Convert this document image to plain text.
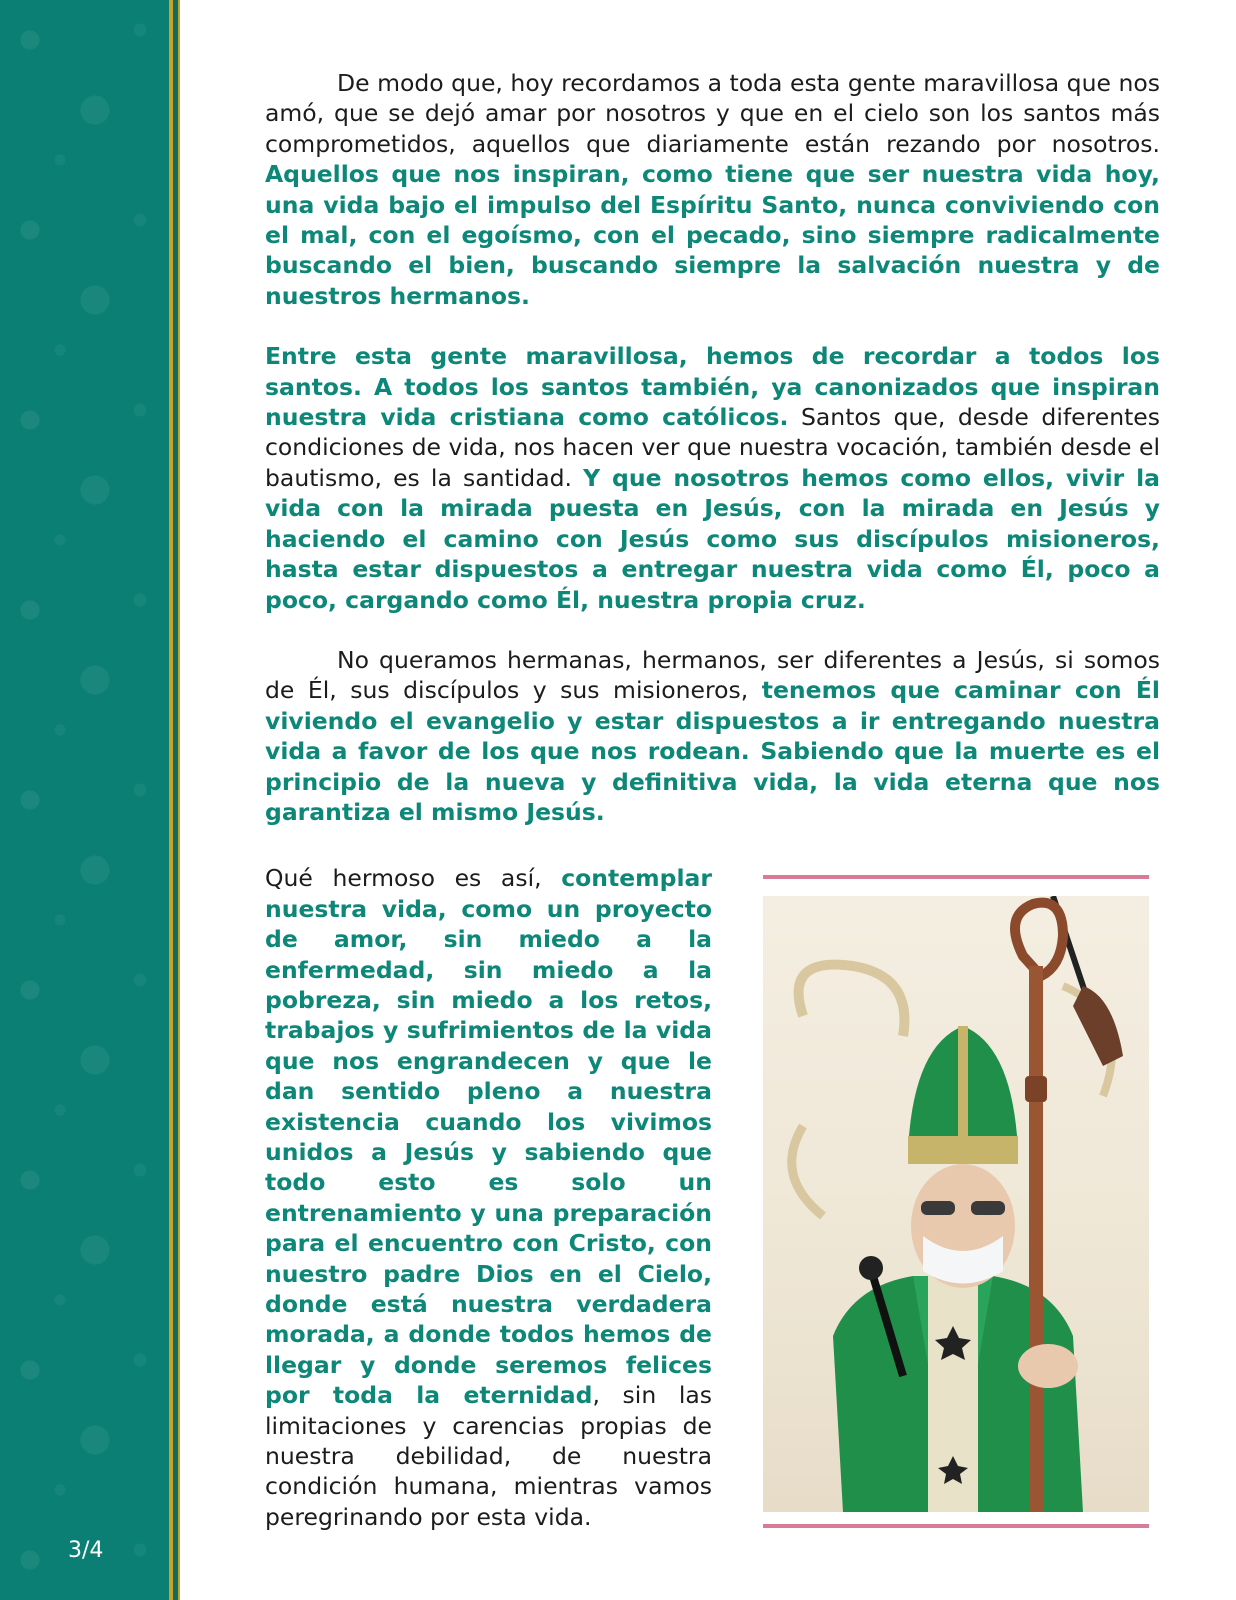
3/4

De modo que, hoy recordamos a toda esta gente maravillosa que nos amó, que se dejó amar por nosotros y que en el cielo son los santos más comprometidos, aquellos que diariamente están rezando por nosotros. Aquellos que nos inspiran, como tiene que ser nuestra vida hoy, una vida bajo el impulso del Espíritu Santo, nunca conviviendo con el mal, con el egoísmo, con el pecado, sino siempre radicalmente buscando el bien, buscando siempre la salvación nuestra y de nuestros hermanos.

Entre esta gente maravillosa, hemos de recordar a todos los santos. A todos los santos también, ya canonizados que inspiran nuestra vida cristiana como católicos. Santos que, desde diferentes condiciones de vida, nos hacen ver que nuestra vocación, también desde el bautismo, es la santidad. Y que nosotros hemos como ellos, vivir la vida con la mirada puesta en Jesús, con la mirada en Jesús y haciendo el camino con Jesús como sus discípulos misioneros, hasta estar dispuestos a entregar nuestra vida como Él, poco a poco, cargando como Él, nuestra propia cruz.

No queramos hermanas, hermanos, ser diferentes a Jesús, si somos de Él, sus discípulos y sus misioneros, tenemos que caminar con Él viviendo el evangelio y estar dispuestos a ir entregando nuestra vida a favor de los que nos rodean. Sabiendo que la muerte es el principio de la nueva y definitiva vida, la vida eterna que nos garantiza el mismo Jesús.

Qué hermoso es así, contemplar nuestra vida, como un proyecto de amor, sin miedo a la enfermedad, sin miedo a la pobreza, sin miedo a los retos, trabajos y sufrimientos de la vida que nos engrandecen y que le dan sentido pleno a nuestra existencia cuando los vivimos unidos a Jesús y sabiendo que todo esto es solo un entrenamiento y una preparación para el encuentro con Cristo, con nuestro padre Dios en el Cielo, donde está nuestra verdadera morada, a donde todos hemos de llegar y donde seremos felices por toda la eternidad, sin las limitaciones y carencias propias de nuestra debilidad, de nuestra condición humana, mientras vamos peregrinando por esta vida.
